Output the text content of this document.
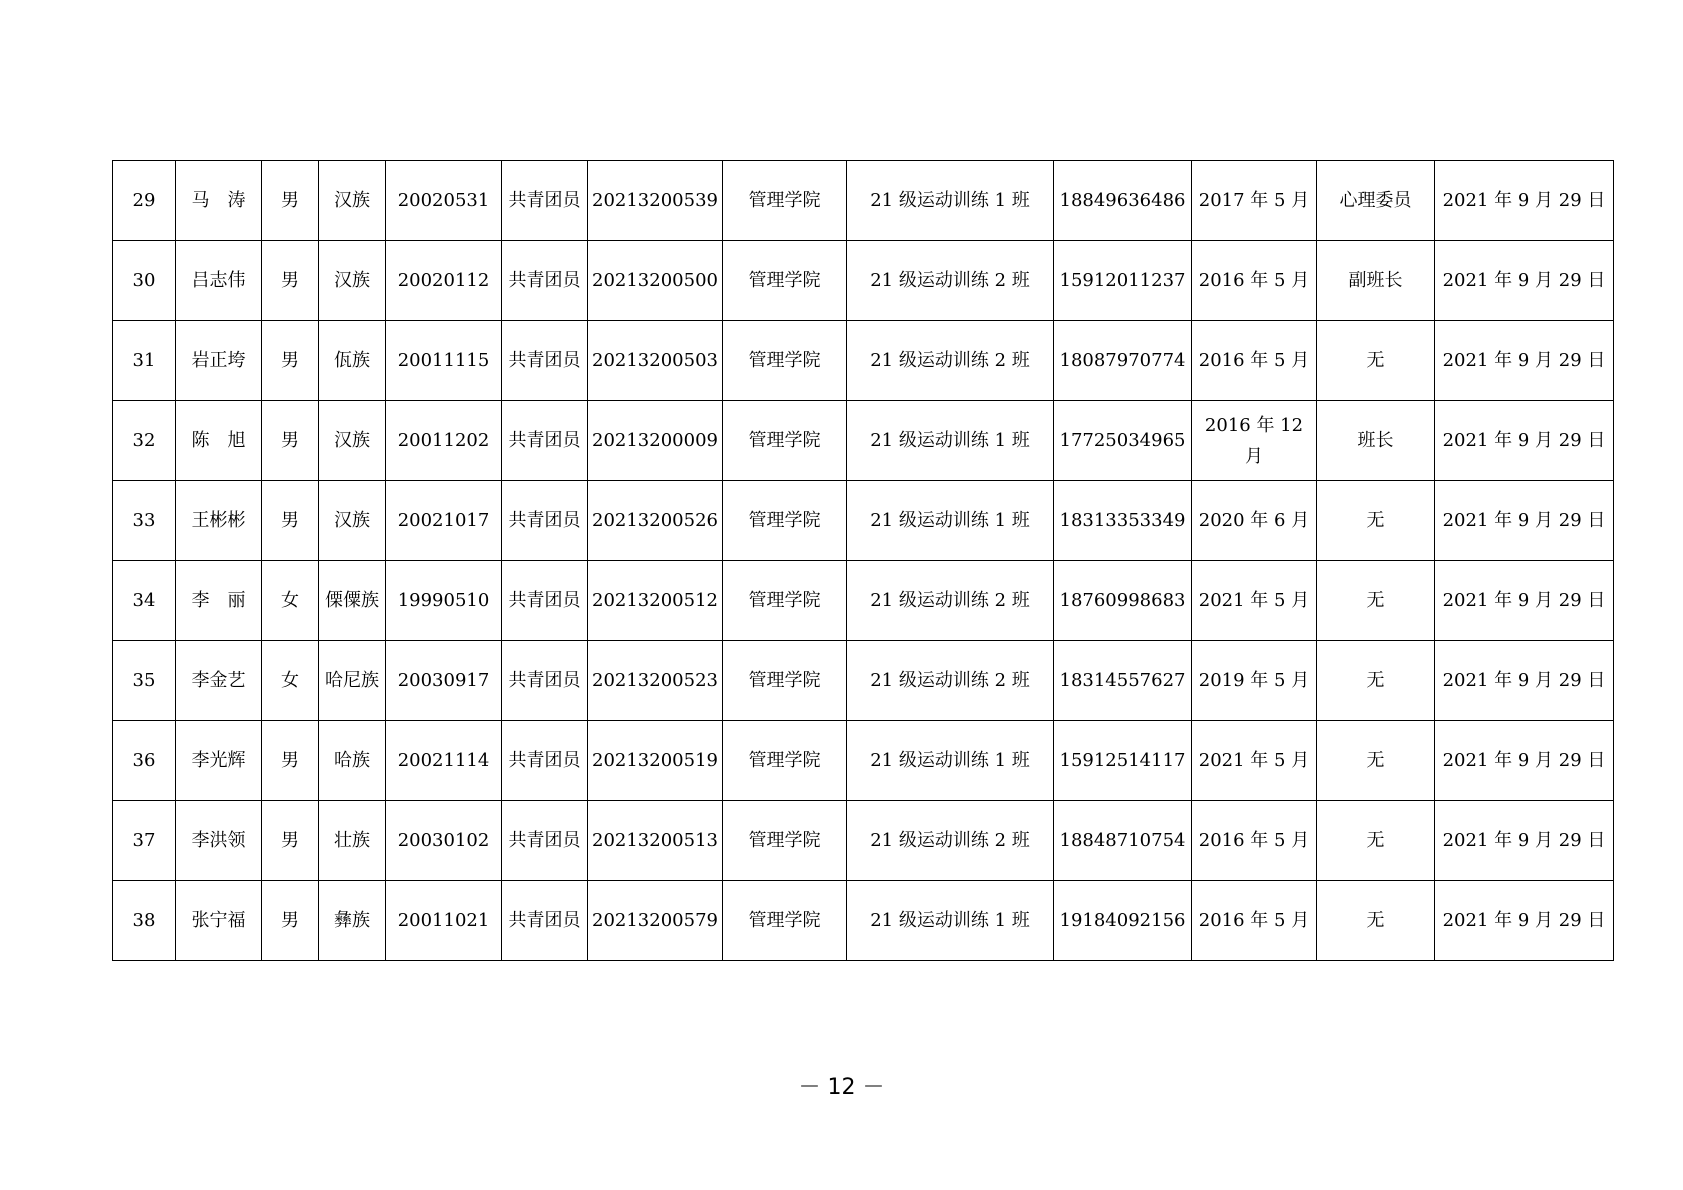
29	马　涛	男	汉族	20020531	共青团员	20213200539	管理学院	21 级运动训练 1 班	18849636486	2017 年 5 月	心理委员	2021 年 9 月 29 日
30	吕志伟	男	汉族	20020112	共青团员	20213200500	管理学院	21 级运动训练 2 班	15912011237	2016 年 5 月	副班长	2021 年 9 月 29 日
31	岩正垮	男	佤族	20011115	共青团员	20213200503	管理学院	21 级运动训练 2 班	18087970774	2016 年 5 月	无	2021 年 9 月 29 日
32	陈　旭	男	汉族	20011202	共青团员	20213200009	管理学院	21 级运动训练 1 班	17725034965	2016 年 12 月	班长	2021 年 9 月 29 日
33	王彬彬	男	汉族	20021017	共青团员	20213200526	管理学院	21 级运动训练 1 班	18313353349	2020 年 6 月	无	2021 年 9 月 29 日
34	李　丽	女	傈僳族	19990510	共青团员	20213200512	管理学院	21 级运动训练 2 班	18760998683	2021 年 5 月	无	2021 年 9 月 29 日
35	李金艺	女	哈尼族	20030917	共青团员	20213200523	管理学院	21 级运动训练 2 班	18314557627	2019 年 5 月	无	2021 年 9 月 29 日
36	李光辉	男	哈族	20021114	共青团员	20213200519	管理学院	21 级运动训练 1 班	15912514117	2021 年 5 月	无	2021 年 9 月 29 日
37	李洪领	男	壮族	20030102	共青团员	20213200513	管理学院	21 级运动训练 2 班	18848710754	2016 年 5 月	无	2021 年 9 月 29 日
38	张宁福	男	彝族	20011021	共青团员	20213200579	管理学院	21 级运动训练 1 班	19184092156	2016 年 5 月	无	2021 年 9 月 29 日
－ 12 －
